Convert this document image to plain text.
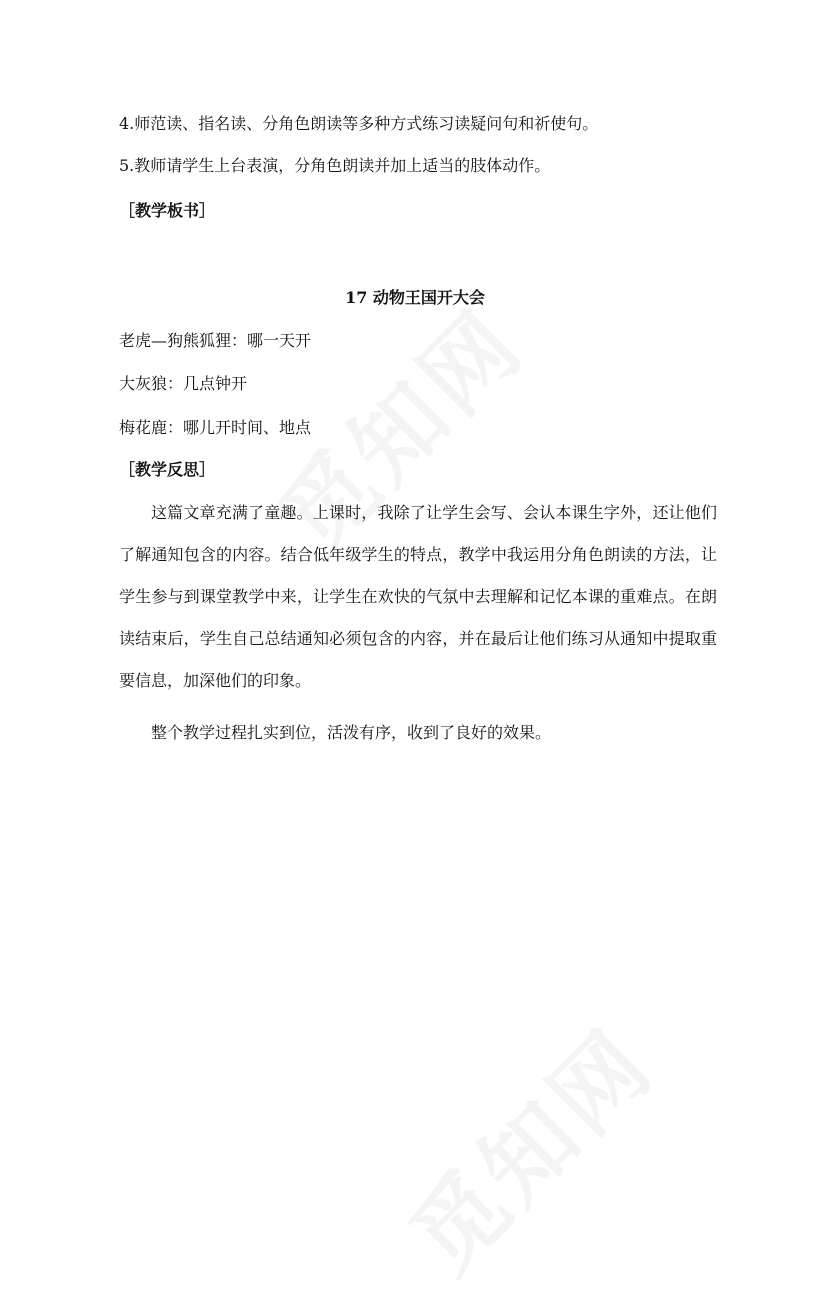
4.师范读、指名读、分角色朗读等多种方式练习读疑问句和祈使句。
5.教师请学生上台表演，分角色朗读并加上适当的肢体动作。
［教学板书］
17 动物王国开大会
老虎—狗熊狐狸：哪一天开
大灰狼：几点钟开
梅花鹿：哪儿开时间、地点
［教学反思］
这篇文章充满了童趣。上课时，我除了让学生会写、会认本课生字外，还让他们了解通知包含的内容。结合低年级学生的特点，教学中我运用分角色朗读的方法，让学生参与到课堂教学中来，让学生在欢快的气氛中去理解和记忆本课的重难点。在朗读结束后，学生自己总结通知必须包含的内容，并在最后让他们练习从通知中提取重要信息，加深他们的印象。
整个教学过程扎实到位，活泼有序，收到了良好的效果。
